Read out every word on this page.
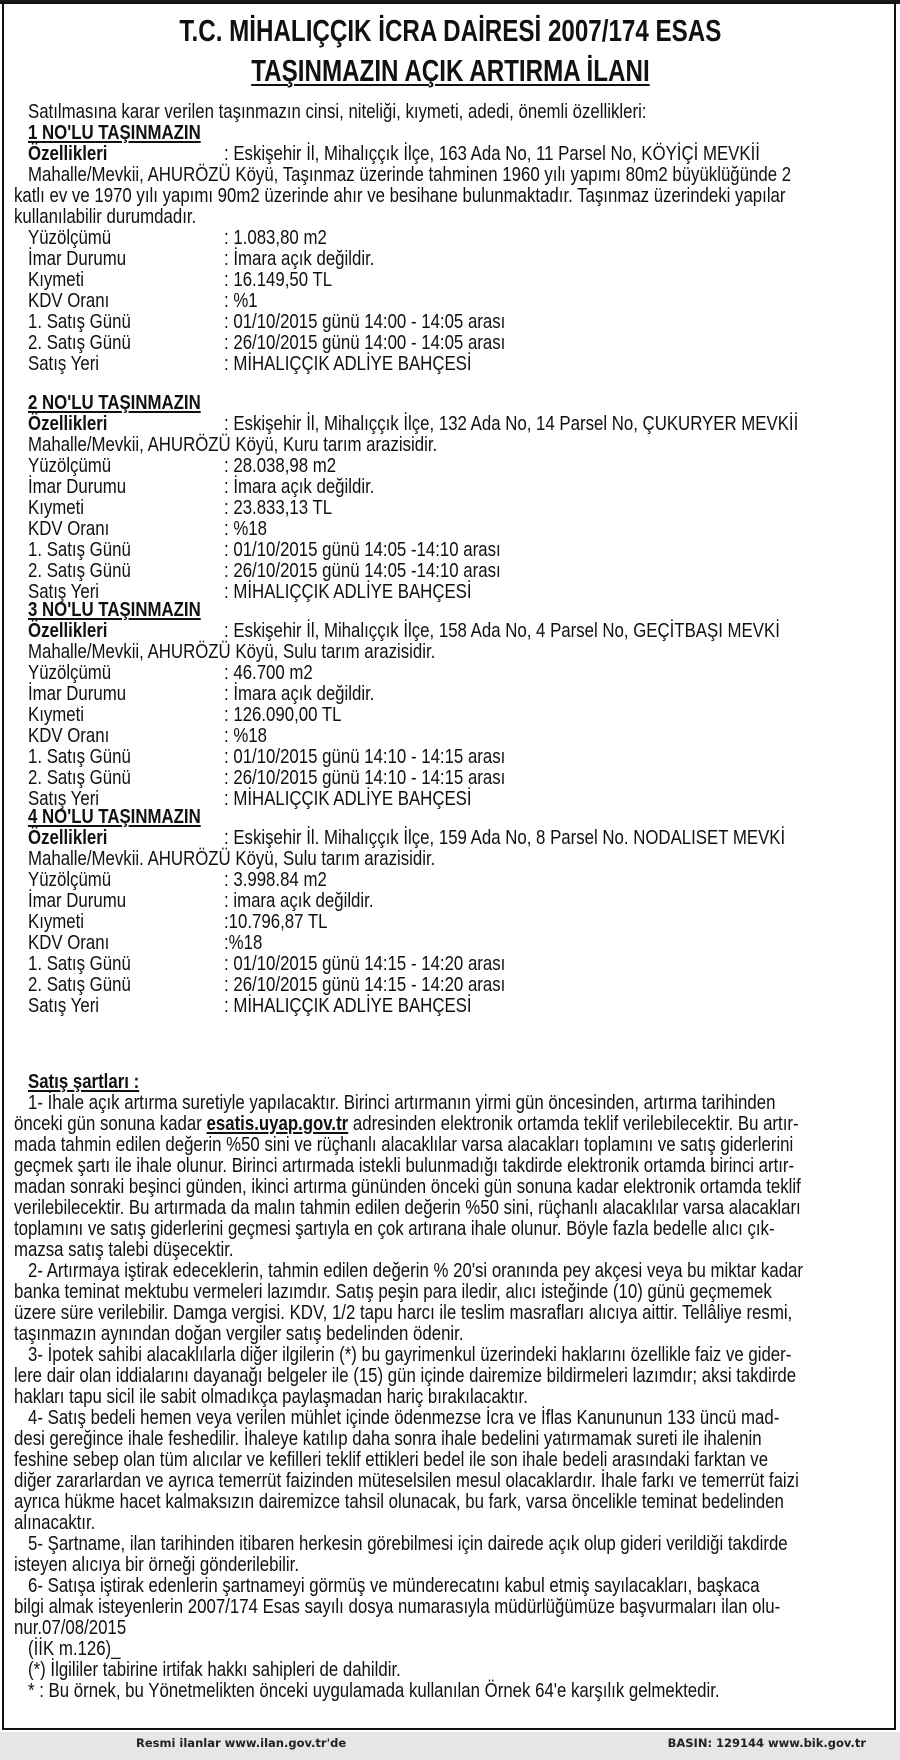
T.C. MİHALIÇÇIK İCRA DAİRESİ 2007/174 ESAS
TAŞINMAZIN AÇIK ARTIRMA İLANI
Satılmasına karar verilen taşınmazın cinsi, niteliği, kıymeti, adedi, önemli özellikleri:
1 NO'LU TAŞINMAZIN
Özellikleri	: Eskişehir İl, Mihalıççık İlçe, 163 Ada No, 11 Parsel No, KÖYİÇİ MEVKİİ
Mahalle/Mevkii, AHURÖZÜ Köyü, Taşınmaz üzerinde tahminen 1960 yılı yapımı 80m2 büyüklüğünde 2
katlı ev ve 1970 yılı yapımı 90m2 üzerinde ahır ve besihane bulunmaktadır. Taşınmaz üzerindeki yapılar
kullanılabilir durumdadır.
Yüzölçümü	: 1.083,80 m2
İmar Durumu	: İmara açık değildir.
Kıymeti	: 16.149,50 TL
KDV Oranı	: %1
1. Satış Günü	: 01/10/2015 günü 14:00 - 14:05 arası
2. Satış Günü	: 26/10/2015 günü 14:00 - 14:05 arası
Satış Yeri	: MİHALIÇÇIK ADLİYE BAHÇESİ
2 NO'LU TAŞINMAZIN
Özellikleri	: Eskişehir İl, Mihalıççık İlçe, 132 Ada No, 14 Parsel No, ÇUKURYER MEVKİİ
Mahalle/Mevkii, AHURÖZÜ Köyü, Kuru tarım arazisidir.
Yüzölçümü	: 28.038,98 m2
İmar Durumu	: İmara açık değildir.
Kıymeti	: 23.833,13 TL
KDV Oranı	: %18
1. Satış Günü	: 01/10/2015 günü 14:05 -14:10 arası
2. Satış Günü	: 26/10/2015 günü 14:05 -14:10 arası
Satış Yeri	: MİHALIÇÇIK ADLİYE BAHÇESİ
3 NO'LU TAŞINMAZIN
Özellikleri	: Eskişehir İl, Mihalıççık İlçe, 158 Ada No, 4 Parsel No, GEÇİTBAŞI MEVKİ
Mahalle/Mevkii, AHURÖZÜ Köyü, Sulu tarım arazisidir.
Yüzölçümü	: 46.700 m2
İmar Durumu	: İmara açık değildir.
Kıymeti	: 126.090,00 TL
KDV Oranı	: %18
1. Satış Günü	: 01/10/2015 günü 14:10 - 14:15 arası
2. Satış Günü	: 26/10/2015 günü 14:10 - 14:15 arası
Satış Yeri	: MİHALIÇÇIK ADLİYE BAHÇESİ
4 NO'LU TAŞINMAZIN
Özellikleri	: Eskişehir İl. Mihalıççık İlçe, 159 Ada No, 8 Parsel No. NODALISET MEVKİ
Mahalle/Mevkii. AHURÖZÜ Köyü, Sulu tarım arazisidir.
Yüzölçümü	: 3.998.84 m2
İmar Durumu	: imara açık değildir.
Kıymeti	:10.796,87 TL
KDV Oranı	:%18
1. Satış Günü	: 01/10/2015 günü 14:15 - 14:20 arası
2. Satış Günü	: 26/10/2015 günü 14:15 - 14:20 arası
Satış Yeri	: MİHALIÇÇIK ADLİYE BAHÇESİ
Satış şartları :
1- İhale açık artırma suretiyle yapılacaktır. Birinci artırmanın yirmi gün öncesinden, artırma tarihinden
önceki gün sonuna kadar esatis.uyap.gov.tr adresinden elektronik ortamda teklif verilebilecektir. Bu artır-
mada tahmin edilen değerin %50 sini ve rüçhanlı alacaklılar varsa alacakları toplamını ve satış giderlerini
geçmek şartı ile ihale olunur. Birinci artırmada istekli bulunmadığı takdirde elektronik ortamda birinci artır-
madan sonraki beşinci günden, ikinci artırma gününden önceki gün sonuna kadar elektronik ortamda teklif
verilebilecektir. Bu artırmada da malın tahmin edilen değerin %50 sini, rüçhanlı alacaklılar varsa alacakları
toplamını ve satış giderlerini geçmesi şartıyla en çok artırana ihale olunur. Böyle fazla bedelle alıcı çık-
mazsa satış talebi düşecektir.
2- Artırmaya iştirak edeceklerin, tahmin edilen değerin % 20'si oranında pey akçesi veya bu miktar kadar
banka teminat mektubu vermeleri lazımdır. Satış peşin para iledir, alıcı isteğinde (10) günü geçmemek
üzere süre verilebilir. Damga vergisi. KDV, 1/2 tapu harcı ile teslim masrafları alıcıya aittir. Tellâliye resmi,
taşınmazın aynından doğan vergiler satış bedelinden ödenir.
3- İpotek sahibi alacaklılarla diğer ilgilerin (*) bu gayrimenkul üzerindeki haklarını özellikle faiz ve gider-
lere dair olan iddialarını dayanağı belgeler ile (15) gün içinde dairemize bildirmeleri lazımdır; aksi takdirde
hakları tapu sicil ile sabit olmadıkça paylaşmadan hariç bırakılacaktır.
4- Satış bedeli hemen veya verilen mühlet içinde ödenmezse İcra ve İflas Kanununun 133 üncü mad-
desi gereğince ihale feshedilir. İhaleye katılıp daha sonra ihale bedelini yatırmamak sureti ile ihalenin
feshine sebep olan tüm alıcılar ve kefilleri teklif ettikleri bedel ile son ihale bedeli arasındaki farktan ve
diğer zararlardan ve ayrıca temerrüt faizinden müteselsilen mesul olacaklardır. İhale farkı ve temerrüt faizi
ayrıca hükme hacet kalmaksızın dairemizce tahsil olunacak, bu fark, varsa öncelikle teminat bedelinden
alınacaktır.
5- Şartname, ilan tarihinden itibaren herkesin görebilmesi için dairede açık olup gideri verildiği takdirde
isteyen alıcıya bir örneği gönderilebilir.
6- Satışa iştirak edenlerin şartnameyi görmüş ve münderecatını kabul etmiş sayılacakları, başkaca
bilgi almak isteyenlerin 2007/174 Esas sayılı dosya numarasıyla müdürlüğümüze başvurmaları ilan olu-
nur.07/08/2015
(İİK m.126)_
(*) İlgililer tabirine irtifak hakkı sahipleri de dahildir.
* : Bu örnek, bu Yönetmelikten önceki uygulamada kullanılan Örnek 64'e karşılık gelmektedir.
Resmi ilanlar www.ilan.gov.tr'de	BASIN: 129144 www.bik.gov.tr
